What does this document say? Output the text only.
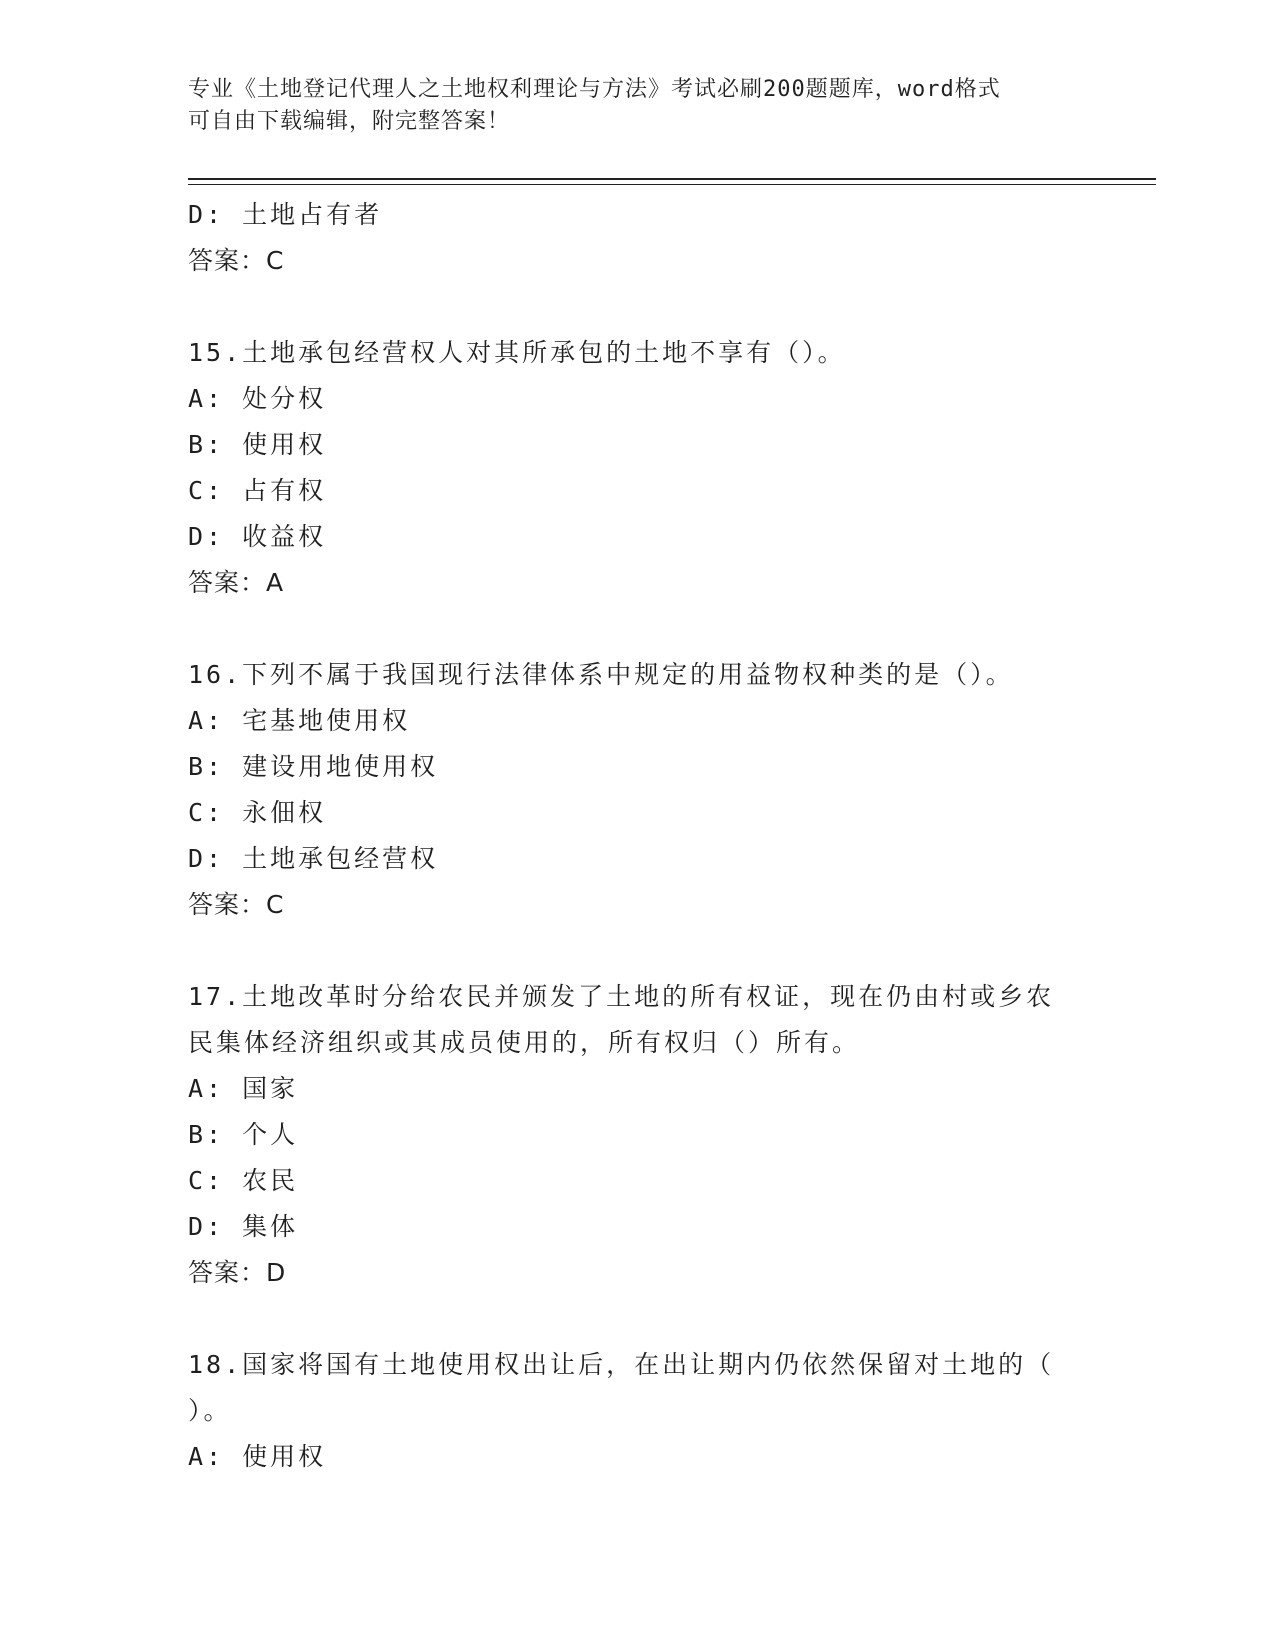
专业《土地登记代理人之土地权利理论与方法》考试必刷200题题库，word格式
可自由下载编辑，附完整答案！
D: 土地占有者
答案：C
15.土地承包经营权人对其所承包的土地不享有（）。
A: 处分权
B: 使用权
C: 占有权
D: 收益权
答案：A
16.下列不属于我国现行法律体系中规定的用益物权种类的是（）。
A: 宅基地使用权
B: 建设用地使用权
C: 永佃权
D: 土地承包经营权
答案：C
17.土地改革时分给农民并颁发了土地的所有权证，现在仍由村或乡农
民集体经济组织或其成员使用的，所有权归（）所有。
A: 国家
B: 个人
C: 农民
D: 集体
答案：D
18.国家将国有土地使用权出让后，在出让期内仍依然保留对土地的（
）。
A: 使用权
